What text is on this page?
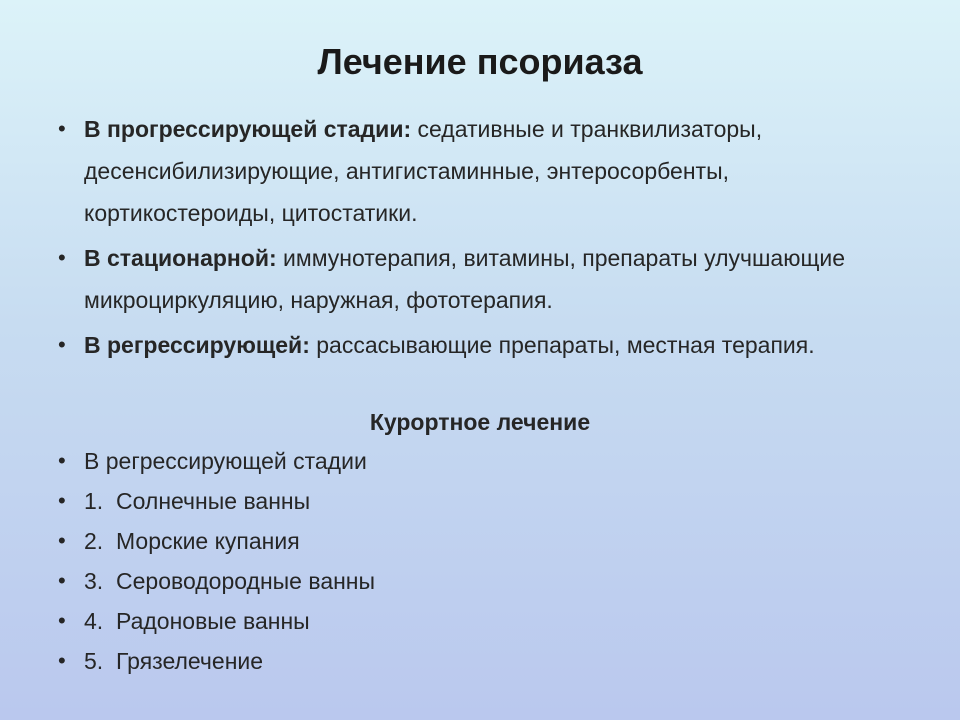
Лечение псориаза
• В прогрессирующей стадии: седативные и транквилизаторы, десенсибилизирующие, антигистаминные, энтеросорбенты, кортикостероиды, цитостатики.
• В стационарной: иммунотерапия, витамины, препараты улучшающие микроциркуляцию, наружная, фототерапия.
• В регрессирующей: рассасывающие препараты, местная терапия.
Курортное лечение
• В регрессирующей стадии
• 1. Солнечные ванны
• 2. Морские купания
• 3. Сероводородные ванны
• 4. Радоновые ванны
• 5. Грязелечение
